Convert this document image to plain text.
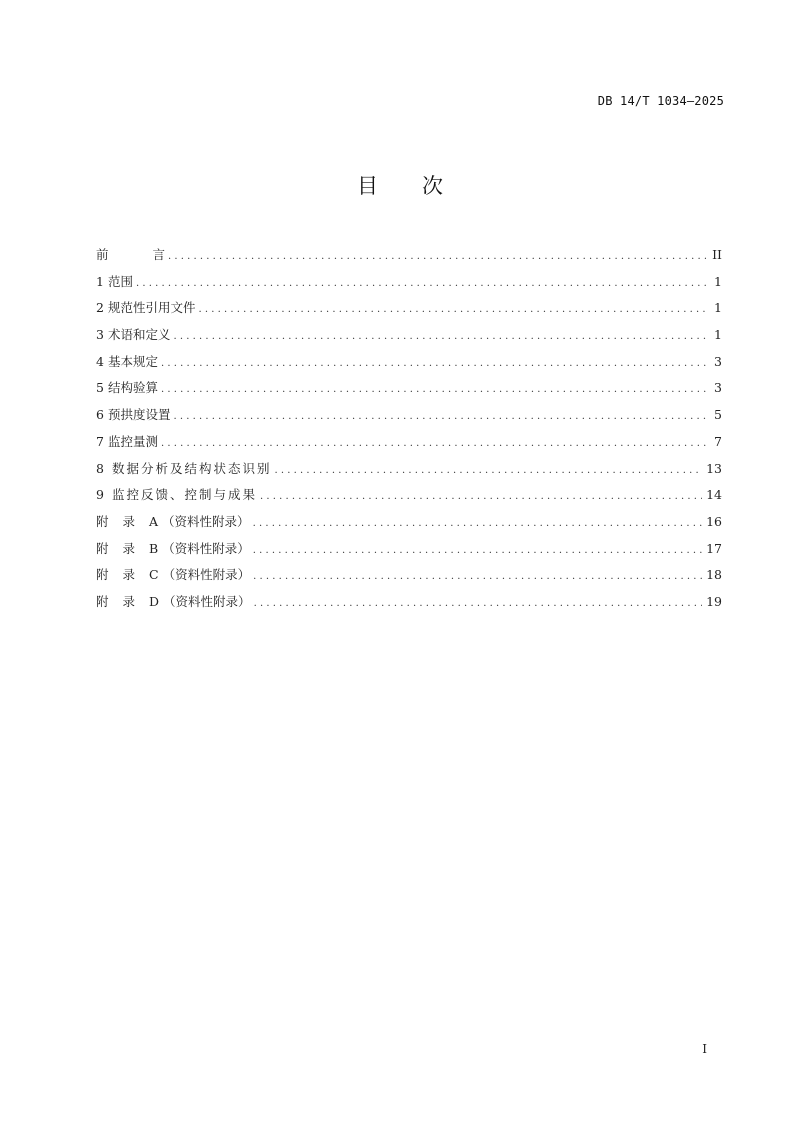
DB 14/T 1034—2025
目 次
前	言 .....	II
1 范围 .....	1
2 规范性引用文件 .....	1
3 术语和定义 .....	1
4 基本规定 .....	3
5 结构验算 .....	3
6 预拱度设置 .....	5
7 监控量测 .....	7
8 数据分析及结构状态识别 .....	13
9 监控反馈、控制与成果 .....	14
附 录 A （资料性附录） .....	16
附 录 B （资料性附录） .....	17
附 录 C （资料性附录） .....	18
附 录 D （资料性附录） .....	19
I
